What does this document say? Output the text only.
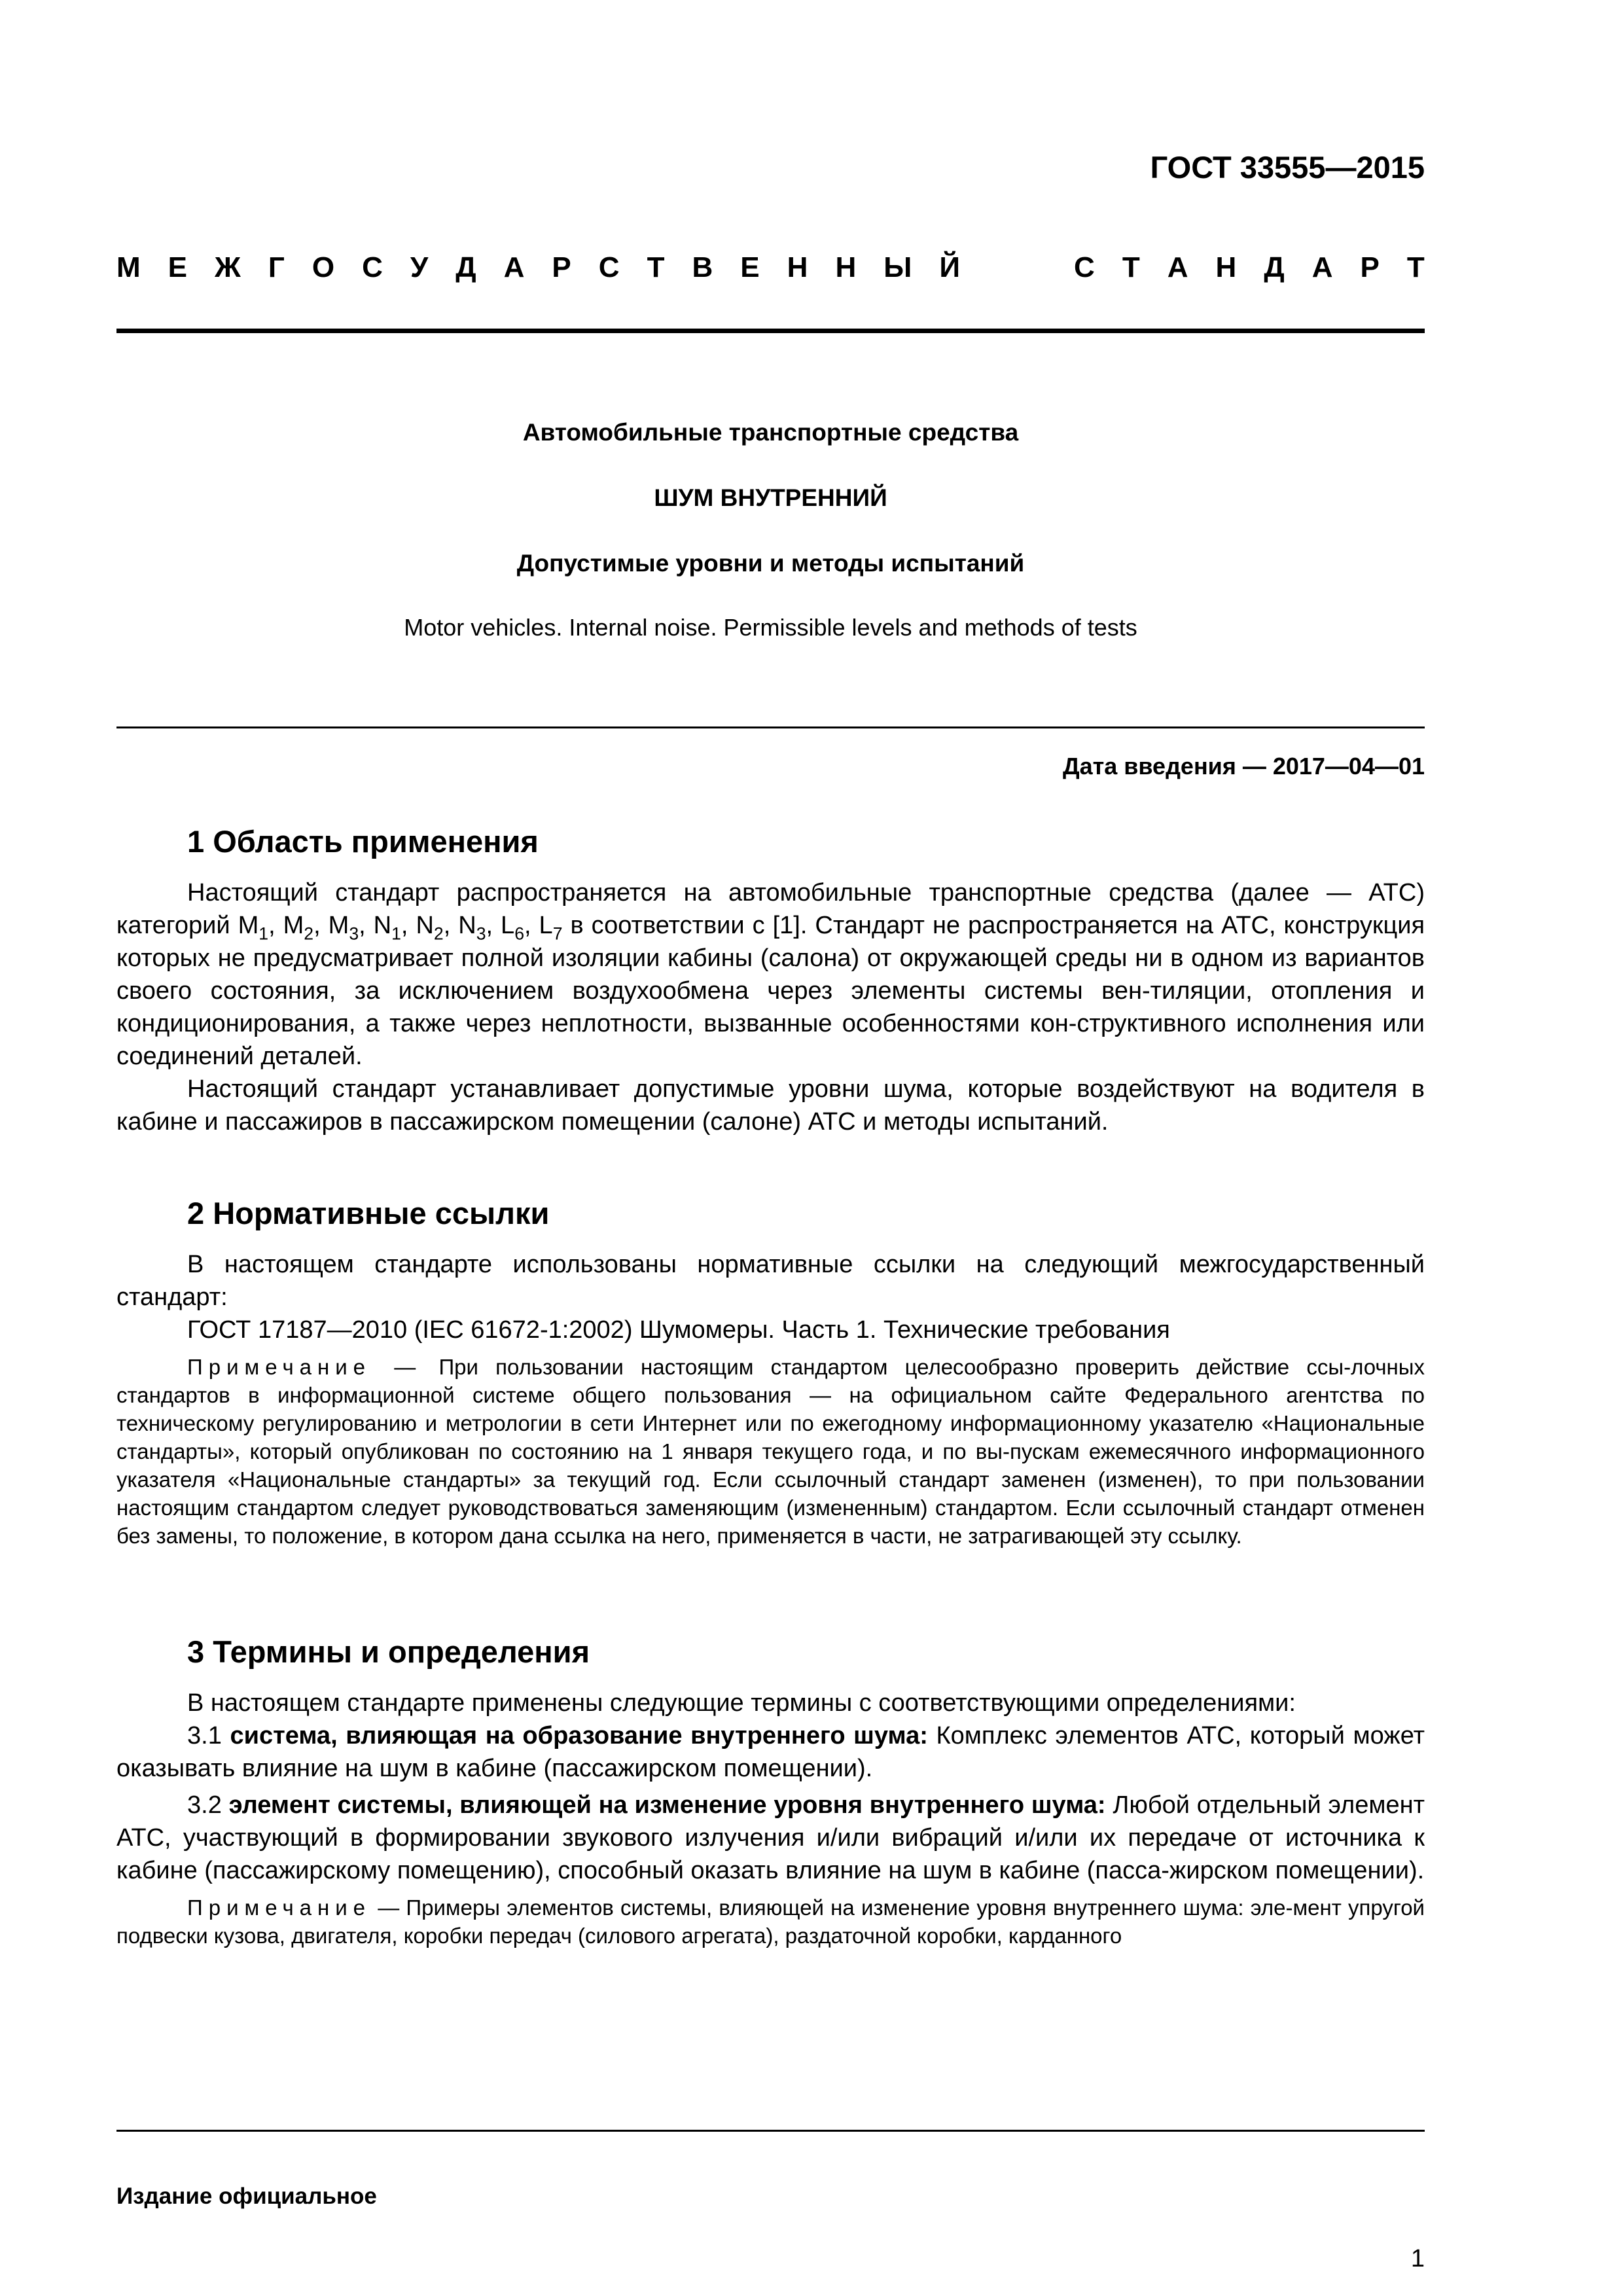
ГОСТ 33555—2015
М Е Ж Г О С У Д А Р С Т В Е Н Н Ы Й	С Т А Н Д А Р Т
Автомобильные транспортные средства
ШУМ ВНУТРЕННИЙ
Допустимые уровни и методы испытаний
Motor vehicles. Internal noise. Permissible levels and methods of tests
Дата введения — 2017—04—01
1 Область применения

Настоящий стандарт распространяется на автомобильные транспортные средства (далее — АТС) категорий $М_1$, $М_2$, $М_3$, $N_1$, $N_2$, $N_3$, $L_6$, $L_7$ в соответствии с [1]. Стандарт не распространяется на АТС, конструкция которых не предусматривает полной изоляции кабины (салона) от окружающей среды ни в одном из вариантов своего состояния, за исключением воздухообмена через элементы системы вен-тиляции, отопления и кондиционирования, а также через неплотности, вызванные особенностями кон-структивного исполнения или соединений деталей.

Настоящий стандарт устанавливает допустимые уровни шума, которые воздействуют на водителя в кабине и пассажиров в пассажирском помещении (салоне) АТС и методы испытаний.

2 Нормативные ссылки

В настоящем стандарте использованы нормативные ссылки на следующий межгосударственный стандарт:

ГОСТ 17187—2010 (IEC 61672-1:2002) Шумомеры. Часть 1. Технические требования

Примечание — При пользовании настоящим стандартом целесообразно проверить действие ссы-лочных стандартов в информационной системе общего пользования — на официальном сайте Федерального агентства по техническому регулированию и метрологии в сети Интернет или по ежегодному информационному указателю «Национальные стандарты», который опубликован по состоянию на 1 января текущего года, и по вы-пускам ежемесячного информационного указателя «Национальные стандарты» за текущий год. Если ссылочный стандарт заменен (изменен), то при пользовании настоящим стандартом следует руководствоваться заменяющим (измененным) стандартом. Если ссылочный стандарт отменен без замены, то положение, в котором дана ссылка на него, применяется в части, не затрагивающей эту ссылку.

3 Термины и определения

В настоящем стандарте применены следующие термины с соответствующими определениями:

3.1 система, влияющая на образование внутреннего шума: Комплекс элементов АТС, который может оказывать влияние на шум в кабине (пассажирском помещении).

3.2 элемент системы, влияющей на изменение уровня внутреннего шума: Любой отдельный элемент АТС, участвующий в формировании звукового излучения и/или вибраций и/или их передаче от источника к кабине (пассажирскому помещению), способный оказать влияние на шум в кабине (пасса-жирском помещении).

Примечание — Примеры элементов системы, влияющей на изменение уровня внутреннего шума: эле-мент упругой подвески кузова, двигателя, коробки передач (силового агрегата), раздаточной коробки, карданного

Издание официальное
1
